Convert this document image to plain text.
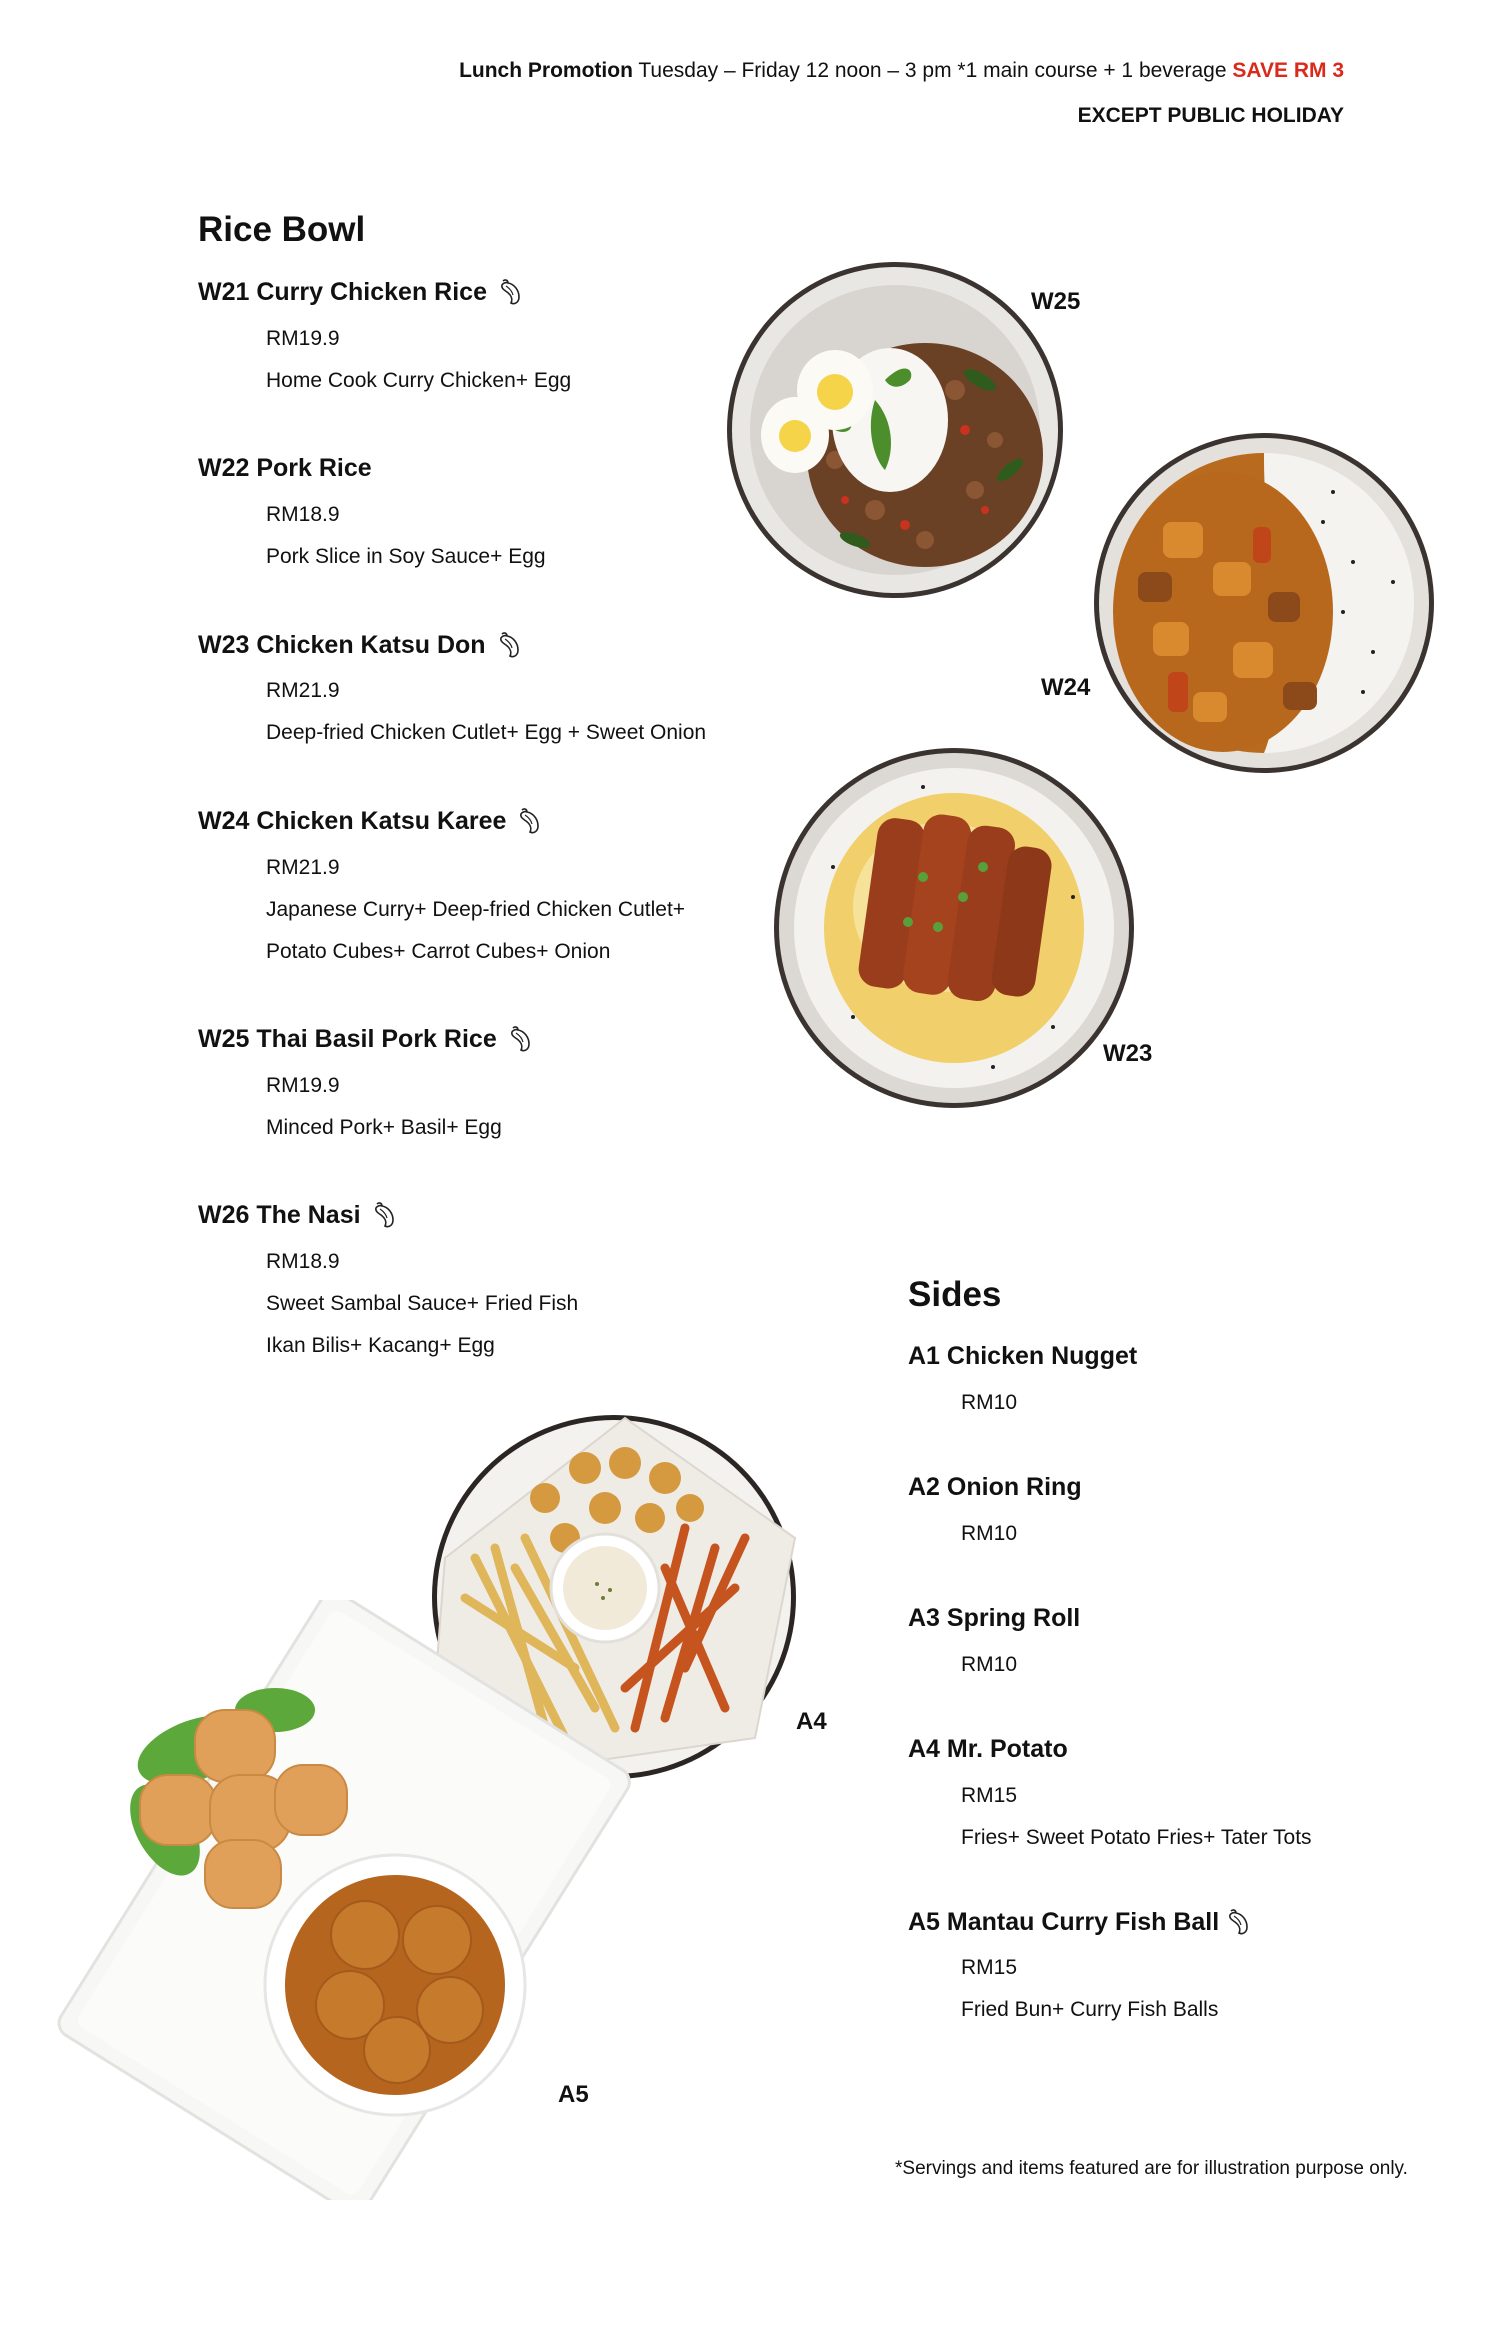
Lunch Promotion Tuesday – Friday 12 noon – 3 pm *1 main course + 1 beverage SAVE RM 3
EXCEPT PUBLIC HOLIDAY
Rice Bowl
W21 Curry Chicken Rice
RM19.9
Home Cook Curry Chicken+ Egg
W22 Pork Rice
RM18.9
Pork Slice in Soy Sauce+ Egg
W23 Chicken Katsu Don
RM21.9
Deep-fried Chicken Cutlet+ Egg + Sweet Onion
W24 Chicken Katsu Karee
RM21.9
Japanese Curry+ Deep-fried Chicken Cutlet+
Potato Cubes+ Carrot Cubes+ Onion
W25 Thai Basil Pork Rice
RM19.9
Minced Pork+ Basil+ Egg
W26 The Nasi
RM18.9
Sweet Sambal Sauce+ Fried Fish
Ikan Bilis+ Kacang+ Egg
Sides
A1 Chicken Nugget
RM10
A2 Onion Ring
RM10
A3 Spring Roll
RM10
A4 Mr. Potato
RM15
Fries+ Sweet Potato Fries+ Tater Tots
A5 Mantau Curry Fish Ball
RM15
Fried Bun+ Curry Fish Balls
W25
W24
W23
A4
A5
*Servings and items featured are for illustration purpose only.
